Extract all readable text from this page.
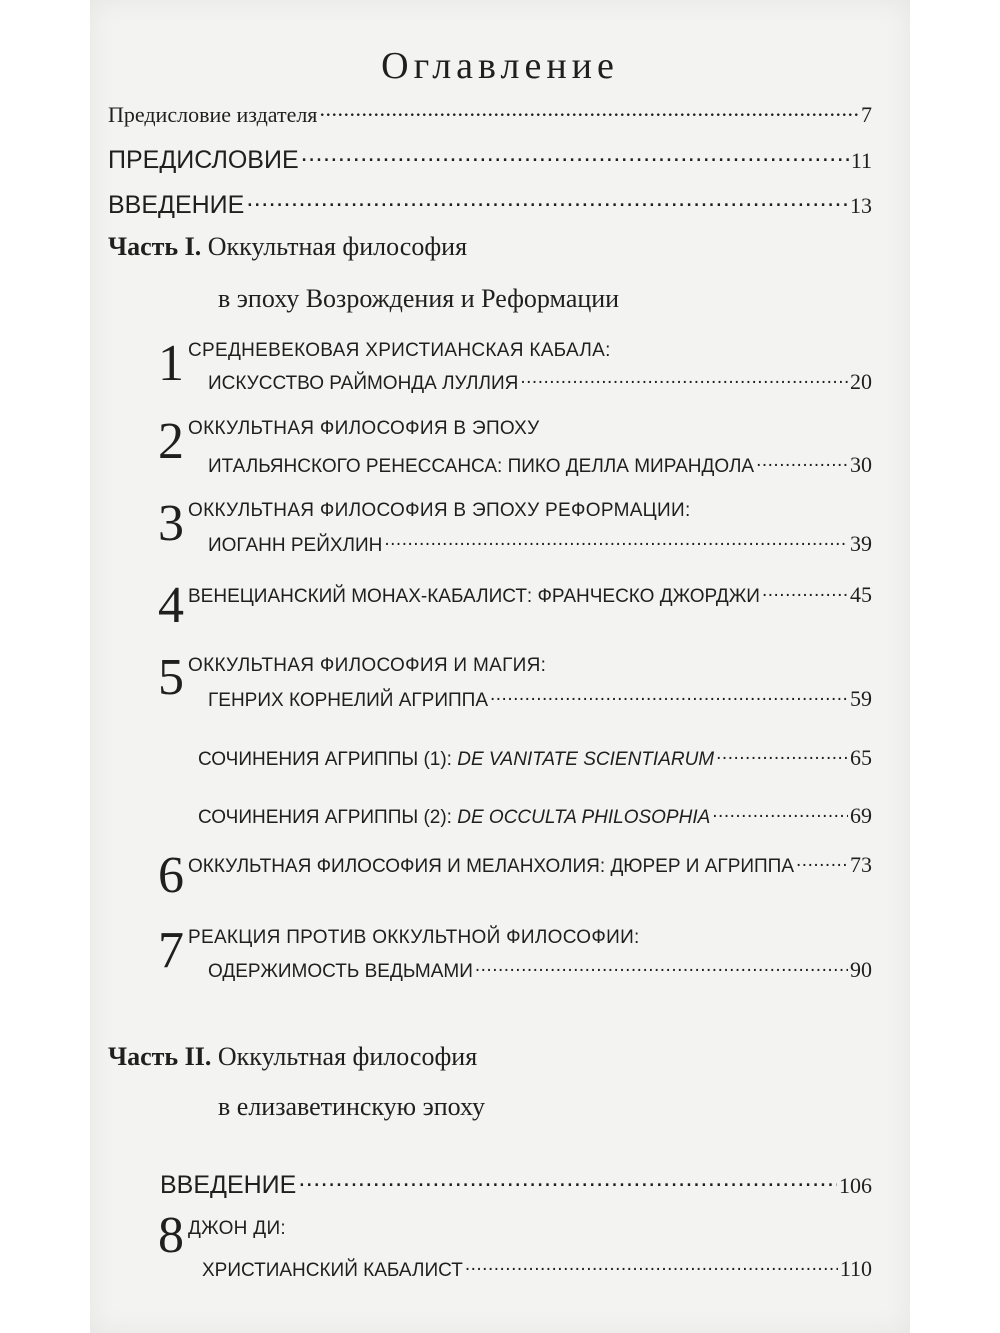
Оглавление
Предисловие издателя .....	7
ПРЕДИСЛОВИЕ .....	11
ВВЕДЕНИЕ .....	13
Часть I. Оккультная философия
в эпоху Возрождения и Реформации
1 СРЕДНЕВЕКОВАЯ ХРИСТИАНСКАЯ КАБАЛА:
ИСКУССТВО РАЙМОНДА ЛУЛЛИЯ .....	20
2 ОККУЛЬТНАЯ ФИЛОСОФИЯ В ЭПОХУ
ИТАЛЬЯНСКОГО РЕНЕССАНСА: ПИКО ДЕЛЛА МИРАНДОЛА .....	30
3 ОККУЛЬТНАЯ ФИЛОСОФИЯ В ЭПОХУ РЕФОРМАЦИИ:
ИОГАНН РЕЙХЛИН .....	39
4 ВЕНЕЦИАНСКИЙ МОНАХ-КАБАЛИСТ: ФРАНЧЕСКО ДЖОРДЖИ .....	45
5 ОККУЛЬТНАЯ ФИЛОСОФИЯ И МАГИЯ:
ГЕНРИХ КОРНЕЛИЙ АГРИППА .....	59
СОЧИНЕНИЯ АГРИППЫ (1): DE VANITATE SCIENTIARUM .....	65
СОЧИНЕНИЯ АГРИППЫ (2): DE OCCULTA PHILOSOPHIA .....	69
6 ОККУЛЬТНАЯ ФИЛОСОФИЯ И МЕЛАНХОЛИЯ: ДЮРЕР И АГРИППА .....	73
7 РЕАКЦИЯ ПРОТИВ ОККУЛЬТНОЙ ФИЛОСОФИИ:
ОДЕРЖИМОСТЬ ВЕДЬМАМИ .....	90
Часть II. Оккультная философия
в елизаветинскую эпоху
ВВЕДЕНИЕ .....	106
8 ДЖОН ДИ:
ХРИСТИАНСКИЙ КАБАЛИСТ .....	110
